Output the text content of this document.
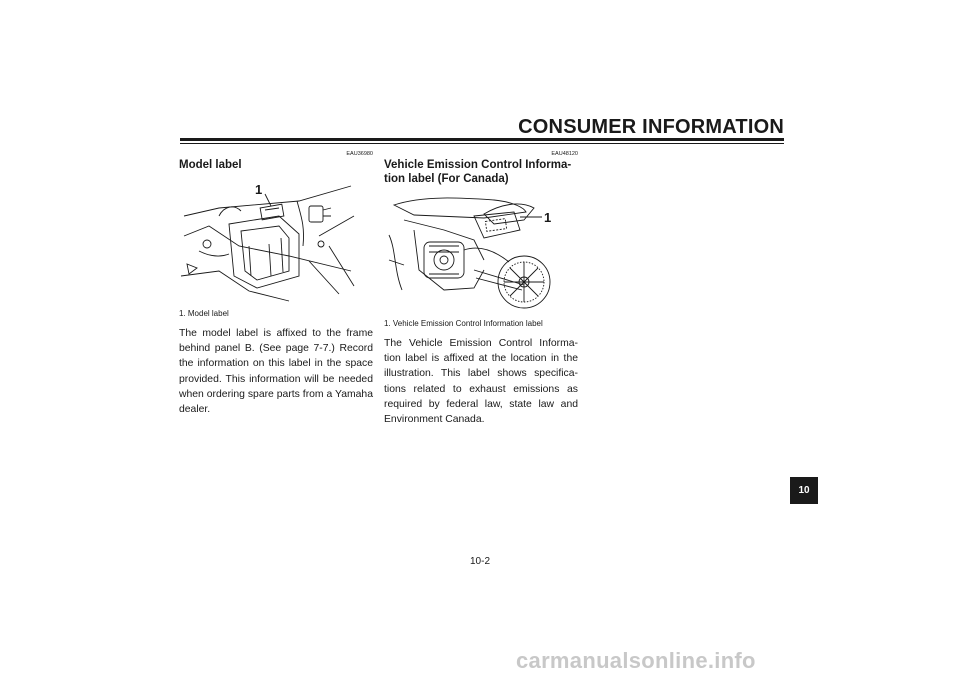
CONSUMER INFORMATION
EAU36980
Model label
1

1. Model label

The model label is affixed to the frame behind panel B. (See page 7-7.) Record the information on this label in the space provided. This information will be needed when ordering spare parts from a Yamaha dealer.

EAU48120
Vehicle Emission Control Informa-
tion label (For Canada)
1

1. Vehicle Emission Control Information label

The Vehicle Emission Control Informa- tion label is affixed at the location in the illustration. This label shows specifica- tions related to exhaust emissions as required by federal law, state law and Environment Canada.

10
10-2
carmanualsonline.info
